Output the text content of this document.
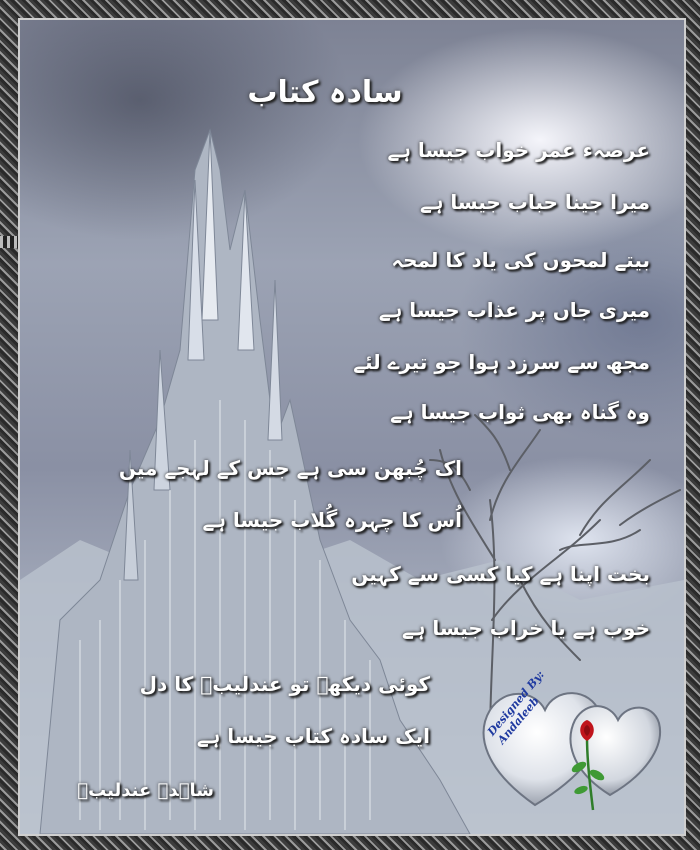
سادہ کتاب
عرصہء عمر خواب جیسا ہے
میرا جینا حباب جیسا ہے
بیتے لمحوں کی یاد کا لمحہ
میری جاں پر عذاب جیسا ہے
مجھ سے سرزد ہوا جو تیرے لئے
وہ گناہ بھی ثواب جیسا ہے
اک چُبھن سی ہے جس کے لہجے میں
اُس کا چہرہ گُلاب جیسا ہے
بخت اپنا ہے کیا کسی سے کہیں
خوب ہے یا خراب جیسا ہے
کوئی دیکھے تو عندلیبؔ کا دل
ایک سادہ کتاب جیسا ہے
شاہدہ عندلیبؔ
Designed By: Andaleeb
